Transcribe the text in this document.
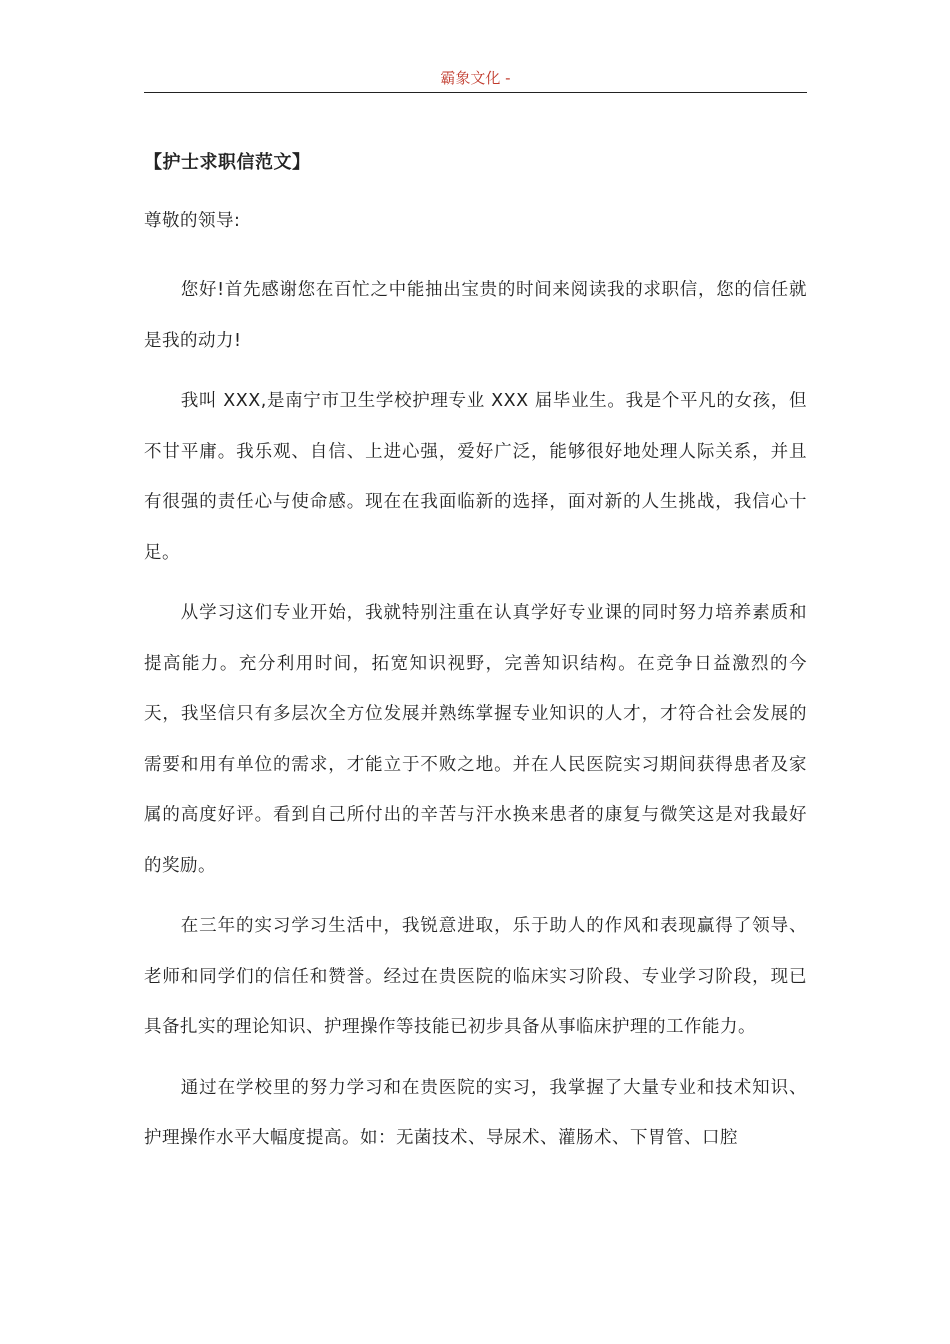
霸象文化 -
【护士求职信范文】
尊敬的领导:

您好!首先感谢您在百忙之中能抽出宝贵的时间来阅读我的求职信，您的信任就是我的动力!

我叫 XXX,是南宁市卫生学校护理专业 XXX 届毕业生。我是个平凡的女孩，但不甘平庸。我乐观、自信、上进心强，爱好广泛，能够很好地处理人际关系，并且有很强的责任心与使命感。现在在我面临新的选择，面对新的人生挑战，我信心十足。

从学习这们专业开始，我就特别注重在认真学好专业课的同时努力培养素质和提高能力。充分利用时间，拓宽知识视野，完善知识结构。在竞争日益激烈的今天，我坚信只有多层次全方位发展并熟练掌握专业知识的人才，才符合社会发展的需要和用有单位的需求，才能立于不败之地。并在人民医院实习期间获得患者及家属的高度好评。看到自己所付出的辛苦与汗水换来患者的康复与微笑这是对我最好的奖励。

在三年的实习学习生活中，我锐意进取，乐于助人的作风和表现赢得了领导、老师和同学们的信任和赞誉。经过在贵医院的临床实习阶段、专业学习阶段，现已具备扎实的理论知识、护理操作等技能已初步具备从事临床护理的工作能力。

通过在学校里的努力学习和在贵医院的实习，我掌握了大量专业和技术知识、护理操作水平大幅度提高。如：无菌技术、导尿术、灌肠术、下胃管、口腔
